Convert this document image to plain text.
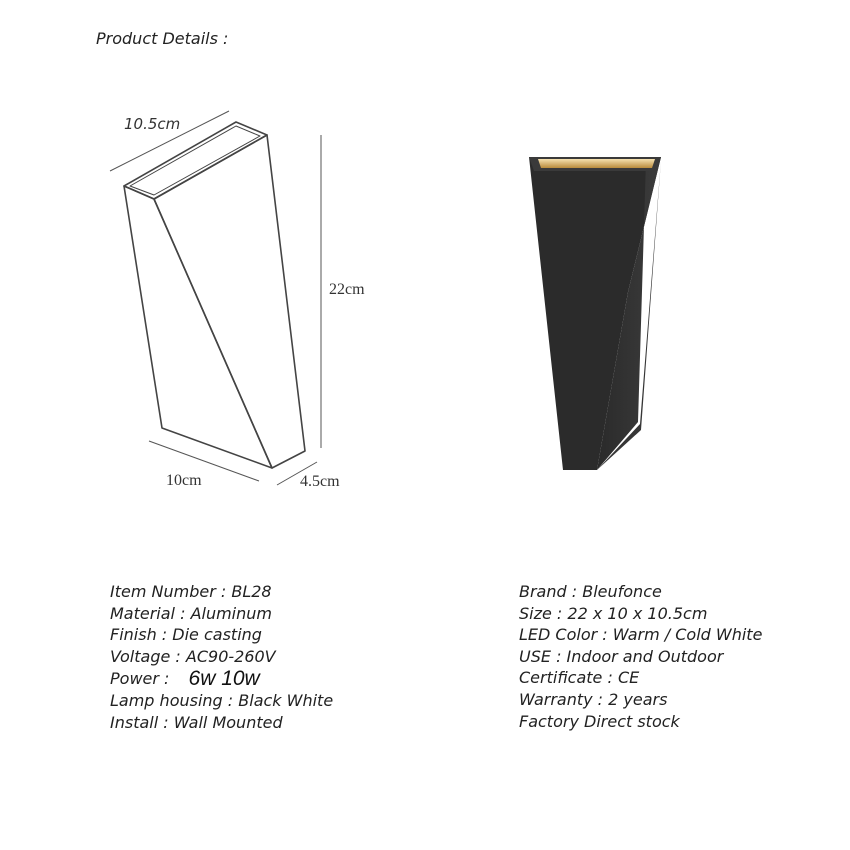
Product Details :
10.5cm
22cm
10cm	4.5cm
Item Number : BL28
Material : Aluminum
Finish : Die casting
Voltage : AC90-260V
Power : 6w 10w
Lamp housing : Black White
Install : Wall Mounted
Brand : Bleufonce
Size : 22 x 10 x 10.5cm
LED Color : Warm / Cold White
USE : Indoor and Outdoor
Certificate : CE
Warranty : 2 years
Factory Direct stock
